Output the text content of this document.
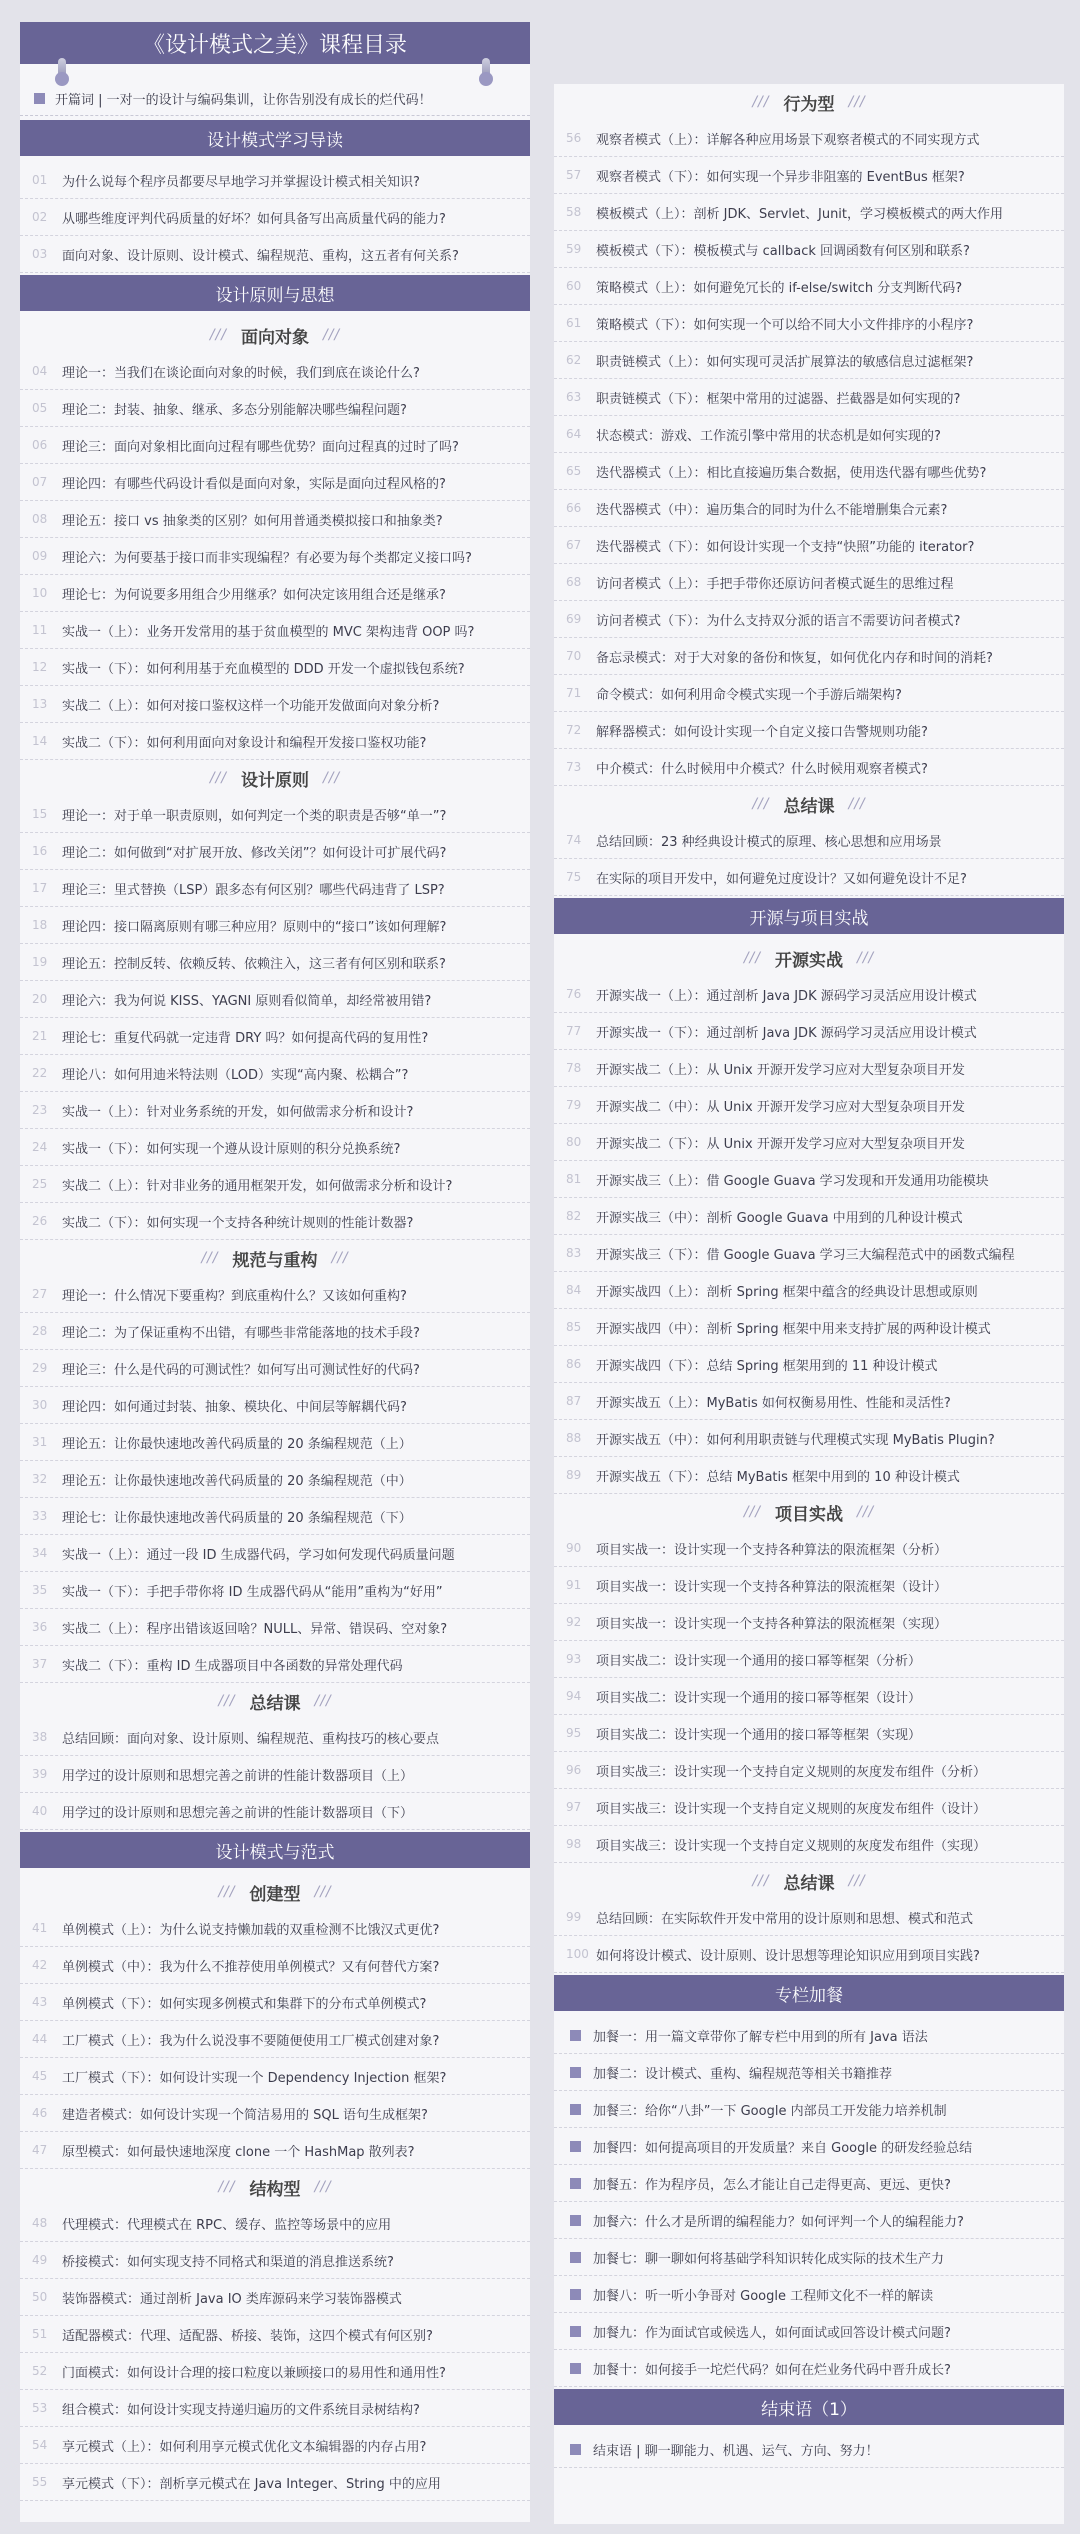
《设计模式之美》课程目录
开篇词 | 一对一的设计与编码集训，让你告别没有成长的烂代码！
设计模式学习导读
01	为什么说每个程序员都要尽早地学习并掌握设计模式相关知识?
02	从哪些维度评判代码质量的好坏？如何具备写出高质量代码的能力?
03	面向对象、设计原则、设计模式、编程规范、重构，这五者有何关系?
设计原则与思想
/// 面向对象 ///
04	理论一：当我们在谈论面向对象的时候，我们到底在谈论什么?
05	理论二：封装、抽象、继承、多态分别能解决哪些编程问题?
06	理论三：面向对象相比面向过程有哪些优势？面向过程真的过时了吗?
07	理论四：有哪些代码设计看似是面向对象，实际是面向过程风格的?
08	理论五：接口 vs 抽象类的区别？如何用普通类模拟接口和抽象类?
09	理论六：为何要基于接口而非实现编程？有必要为每个类都定义接口吗?
10	理论七：为何说要多用组合少用继承？如何决定该用组合还是继承?
11	实战一（上）：业务开发常用的基于贫血模型的 MVC 架构违背 OOP 吗?
12	实战一（下）：如何利用基于充血模型的 DDD 开发一个虚拟钱包系统?
13	实战二（上）：如何对接口鉴权这样一个功能开发做面向对象分析?
14	实战二（下）：如何利用面向对象设计和编程开发接口鉴权功能?
/// 设计原则 ///
15	理论一：对于单一职责原则，如何判定一个类的职责是否够“单一”?
16	理论二：如何做到“对扩展开放、修改关闭”？如何设计可扩展代码?
17	理论三：里式替换（LSP）跟多态有何区别？哪些代码违背了 LSP?
18	理论四：接口隔离原则有哪三种应用？原则中的“接口”该如何理解?
19	理论五：控制反转、依赖反转、依赖注入，这三者有何区别和联系?
20	理论六：我为何说 KISS、YAGNI 原则看似简单，却经常被用错?
21	理论七：重复代码就一定违背 DRY 吗？如何提高代码的复用性?
22	理论八：如何用迪米特法则（LOD）实现“高内聚、松耦合”?
23	实战一（上）：针对业务系统的开发，如何做需求分析和设计?
24	实战一（下）：如何实现一个遵从设计原则的积分兑换系统?
25	实战二（上）：针对非业务的通用框架开发，如何做需求分析和设计?
26	实战二（下）：如何实现一个支持各种统计规则的性能计数器?
/// 规范与重构 ///
27	理论一：什么情况下要重构？到底重构什么？又该如何重构?
28	理论二：为了保证重构不出错，有哪些非常能落地的技术手段?
29	理论三：什么是代码的可测试性？如何写出可测试性好的代码?
30	理论四：如何通过封装、抽象、模块化、中间层等解耦代码?
31	理论五：让你最快速地改善代码质量的 20 条编程规范（上）
32	理论五：让你最快速地改善代码质量的 20 条编程规范（中）
33	理论七：让你最快速地改善代码质量的 20 条编程规范（下）
34	实战一（上）：通过一段 ID 生成器代码，学习如何发现代码质量问题
35	实战一（下）：手把手带你将 ID 生成器代码从“能用”重构为“好用”
36	实战二（上）：程序出错该返回啥？NULL、异常、错误码、空对象?
37	实战二（下）：重构 ID 生成器项目中各函数的异常处理代码
/// 总结课 ///
38	总结回顾：面向对象、设计原则、编程规范、重构技巧的核心要点
39	用学过的设计原则和思想完善之前讲的性能计数器项目（上）
40	用学过的设计原则和思想完善之前讲的性能计数器项目（下）
设计模式与范式
/// 创建型 ///
41	单例模式（上）：为什么说支持懒加载的双重检测不比饿汉式更优?
42	单例模式（中）：我为什么不推荐使用单例模式？又有何替代方案?
43	单例模式（下）：如何实现多例模式和集群下的分布式单例模式?
44	工厂模式（上）：我为什么说没事不要随便使用工厂模式创建对象?
45	工厂模式（下）：如何设计实现一个 Dependency Injection 框架?
46	建造者模式：如何设计实现一个简洁易用的 SQL 语句生成框架?
47	原型模式：如何最快速地深度 clone 一个 HashMap 散列表?
/// 结构型 ///
48	代理模式：代理模式在 RPC、缓存、监控等场景中的应用
49	桥接模式：如何实现支持不同格式和渠道的消息推送系统?
50	装饰器模式：通过剖析 Java IO 类库源码来学习装饰器模式
51	适配器模式：代理、适配器、桥接、装饰，这四个模式有何区别?
52	门面模式：如何设计合理的接口粒度以兼顾接口的易用性和通用性?
53	组合模式：如何设计实现支持递归遍历的文件系统目录树结构?
54	享元模式（上）：如何利用享元模式优化文本编辑器的内存占用?
55	享元模式（下）：剖析享元模式在 Java Integer、String 中的应用
/// 行为型 ///
56	观察者模式（上）：详解各种应用场景下观察者模式的不同实现方式
57	观察者模式（下）：如何实现一个异步非阻塞的 EventBus 框架?
58	模板模式（上）：剖析 JDK、Servlet、Junit，学习模板模式的两大作用
59	模板模式（下）：模板模式与 callback 回调函数有何区别和联系?
60	策略模式（上）：如何避免冗长的 if-else/switch 分支判断代码?
61	策略模式（下）：如何实现一个可以给不同大小文件排序的小程序?
62	职责链模式（上）：如何实现可灵活扩展算法的敏感信息过滤框架?
63	职责链模式（下）：框架中常用的过滤器、拦截器是如何实现的?
64	状态模式：游戏、工作流引擎中常用的状态机是如何实现的?
65	迭代器模式（上）：相比直接遍历集合数据，使用迭代器有哪些优势?
66	迭代器模式（中）：遍历集合的同时为什么不能增删集合元素?
67	迭代器模式（下）：如何设计实现一个支持“快照”功能的 iterator?
68	访问者模式（上）：手把手带你还原访问者模式诞生的思维过程
69	访问者模式（下）：为什么支持双分派的语言不需要访问者模式?
70	备忘录模式：对于大对象的备份和恢复，如何优化内存和时间的消耗?
71	命令模式：如何利用命令模式实现一个手游后端架构?
72	解释器模式：如何设计实现一个自定义接口告警规则功能?
73	中介模式：什么时候用中介模式？什么时候用观察者模式?
/// 总结课 ///
74	总结回顾：23 种经典设计模式的原理、核心思想和应用场景
75	在实际的项目开发中，如何避免过度设计？又如何避免设计不足?
开源与项目实战
/// 开源实战 ///
76	开源实战一（上）：通过剖析 Java JDK 源码学习灵活应用设计模式
77	开源实战一（下）：通过剖析 Java JDK 源码学习灵活应用设计模式
78	开源实战二（上）：从 Unix 开源开发学习应对大型复杂项目开发
79	开源实战二（中）：从 Unix 开源开发学习应对大型复杂项目开发
80	开源实战二（下）：从 Unix 开源开发学习应对大型复杂项目开发
81	开源实战三（上）：借 Google Guava 学习发现和开发通用功能模块
82	开源实战三（中）：剖析 Google Guava 中用到的几种设计模式
83	开源实战三（下）：借 Google Guava 学习三大编程范式中的函数式编程
84	开源实战四（上）：剖析 Spring 框架中蕴含的经典设计思想或原则
85	开源实战四（中）：剖析 Spring 框架中用来支持扩展的两种设计模式
86	开源实战四（下）：总结 Spring 框架用到的 11 种设计模式
87	开源实战五（上）：MyBatis 如何权衡易用性、性能和灵活性?
88	开源实战五（中）：如何利用职责链与代理模式实现 MyBatis Plugin?
89	开源实战五（下）：总结 MyBatis 框架中用到的 10 种设计模式
/// 项目实战 ///
90	项目实战一：设计实现一个支持各种算法的限流框架（分析）
91	项目实战一：设计实现一个支持各种算法的限流框架（设计）
92	项目实战一：设计实现一个支持各种算法的限流框架（实现）
93	项目实战二：设计实现一个通用的接口幂等框架（分析）
94	项目实战二：设计实现一个通用的接口幂等框架（设计）
95	项目实战二：设计实现一个通用的接口幂等框架（实现）
96	项目实战三：设计实现一个支持自定义规则的灰度发布组件（分析）
97	项目实战三：设计实现一个支持自定义规则的灰度发布组件（设计）
98	项目实战三：设计实现一个支持自定义规则的灰度发布组件（实现）
/// 总结课 ///
99	总结回顾：在实际软件开发中常用的设计原则和思想、模式和范式
100 如何将设计模式、设计原则、设计思想等理论知识应用到项目实践?
专栏加餐
加餐一：用一篇文章带你了解专栏中用到的所有 Java 语法
加餐二：设计模式、重构、编程规范等相关书籍推荐
加餐三：给你“八卦”一下 Google 内部员工开发能力培养机制
加餐四：如何提高项目的开发质量？来自 Google 的研发经验总结
加餐五：作为程序员，怎么才能让自己走得更高、更远、更快?
加餐六：什么才是所谓的编程能力？如何评判一个人的编程能力?
加餐七：聊一聊如何将基础学科知识转化成实际的技术生产力
加餐八：听一听小争哥对 Google 工程师文化不一样的解读
加餐九：作为面试官或候选人，如何面试或回答设计模式问题?
加餐十：如何接手一坨烂代码？如何在烂业务代码中晋升成长?
结束语（1）
结束语 | 聊一聊能力、机遇、运气、方向、努力！
